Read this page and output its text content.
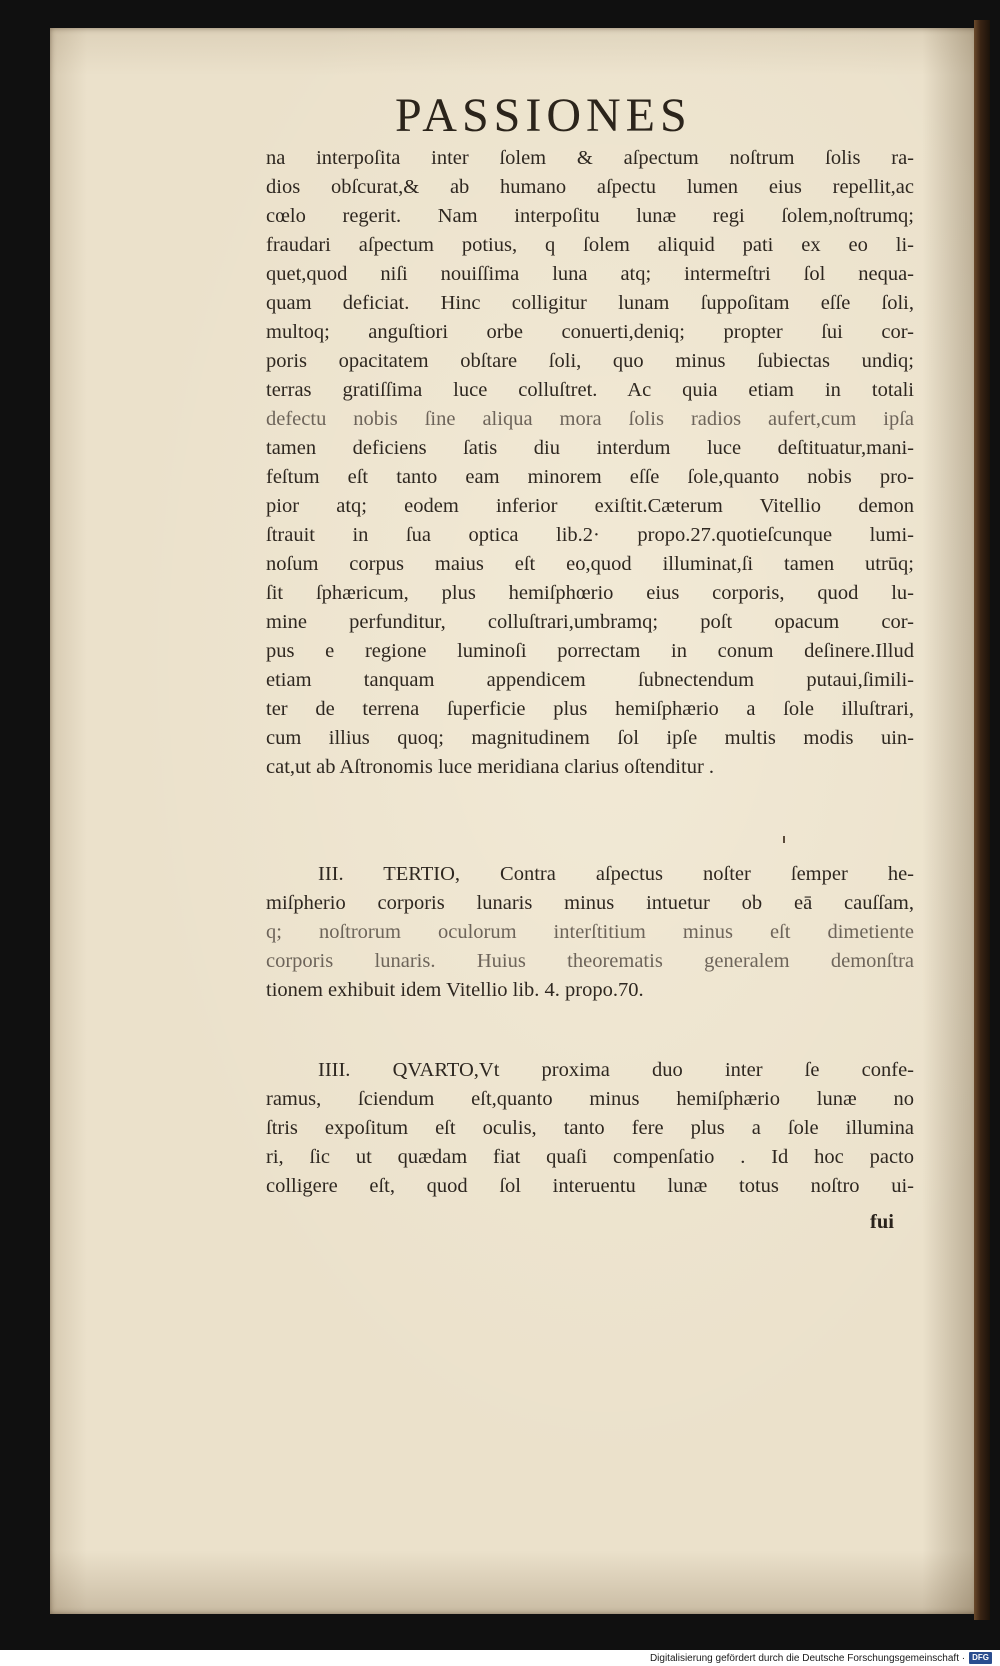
PASSIONES
na interpoſita inter ſolem & aſpectum noſtrum ſolis ra-
dios obſcurat,& ab humano aſpectu lumen eius repellit,ac
cœlo regerit. Nam interpoſitu lunæ regi ſolem,noſtrumq;
fraudari aſpectum potius, q ſolem aliquid pati ex eo li-
quet,quod niſi nouiſſima luna atq; intermeſtri ſol nequa-
quam deficiat. Hinc colligitur lunam ſuppoſitam eſſe ſoli,
multoq; anguſtiori orbe conuerti,deniq; propter ſui cor-
poris opacitatem obſtare ſoli, quo minus ſubiectas undiq;
terras gratiſſima luce colluſtret. Ac quia etiam in totali
defectu nobis ſine aliqua mora ſolis radios aufert,cum ipſa
tamen deficiens ſatis diu interdum luce deſtituatur,mani-
feſtum eſt tanto eam minorem eſſe ſole,quanto nobis pro-
pior atq; eodem inferior exiſtit.Cæterum Vitellio demon
ſtrauit in ſua optica lib.2· propo.27.quotieſcunque lumi-
noſum corpus maius eſt eo,quod illuminat,ſi tamen utrūq;
ſit ſphæricum, plus hemiſphœrio eius corporis, quod lu-
mine perfunditur, colluſtrari,umbramq; poſt opacum cor-
pus e regione luminoſi porrectam in conum deſinere.Illud
etiam tanquam appendicem ſubnectendum putaui,ſimili-
ter de terrena ſuperficie plus hemiſphærio a ſole illuſtrari,
cum illius quoq; magnitudinem ſol ipſe multis modis uin-
cat,ut ab Aſtronomis luce meridiana clarius oſtenditur .
III. TERTIO, Contra aſpectus noſter ſemper he-
miſpherio corporis lunaris minus intuetur ob eā cauſſam,
q; noſtrorum oculorum interſtitium minus eſt dimetiente
corporis lunaris. Huius theorematis generalem demonſtra
tionem exhibuit idem Vitellio lib. 4. propo.70.
IIII. QVARTO,Vt proxima duo inter ſe confe-
ramus, ſciendum eſt,quanto minus hemiſphærio lunæ no
ſtris expoſitum eſt oculis, tanto fere plus a ſole illumina
ri, ſic ut quædam fiat quaſi compenſatio . Id hoc pacto
colligere eſt, quod ſol interuentu lunæ totus noſtro ui-
fui
Digitalisierung gefördert durch die Deutsche Forschungsgemeinschaft · DFG
